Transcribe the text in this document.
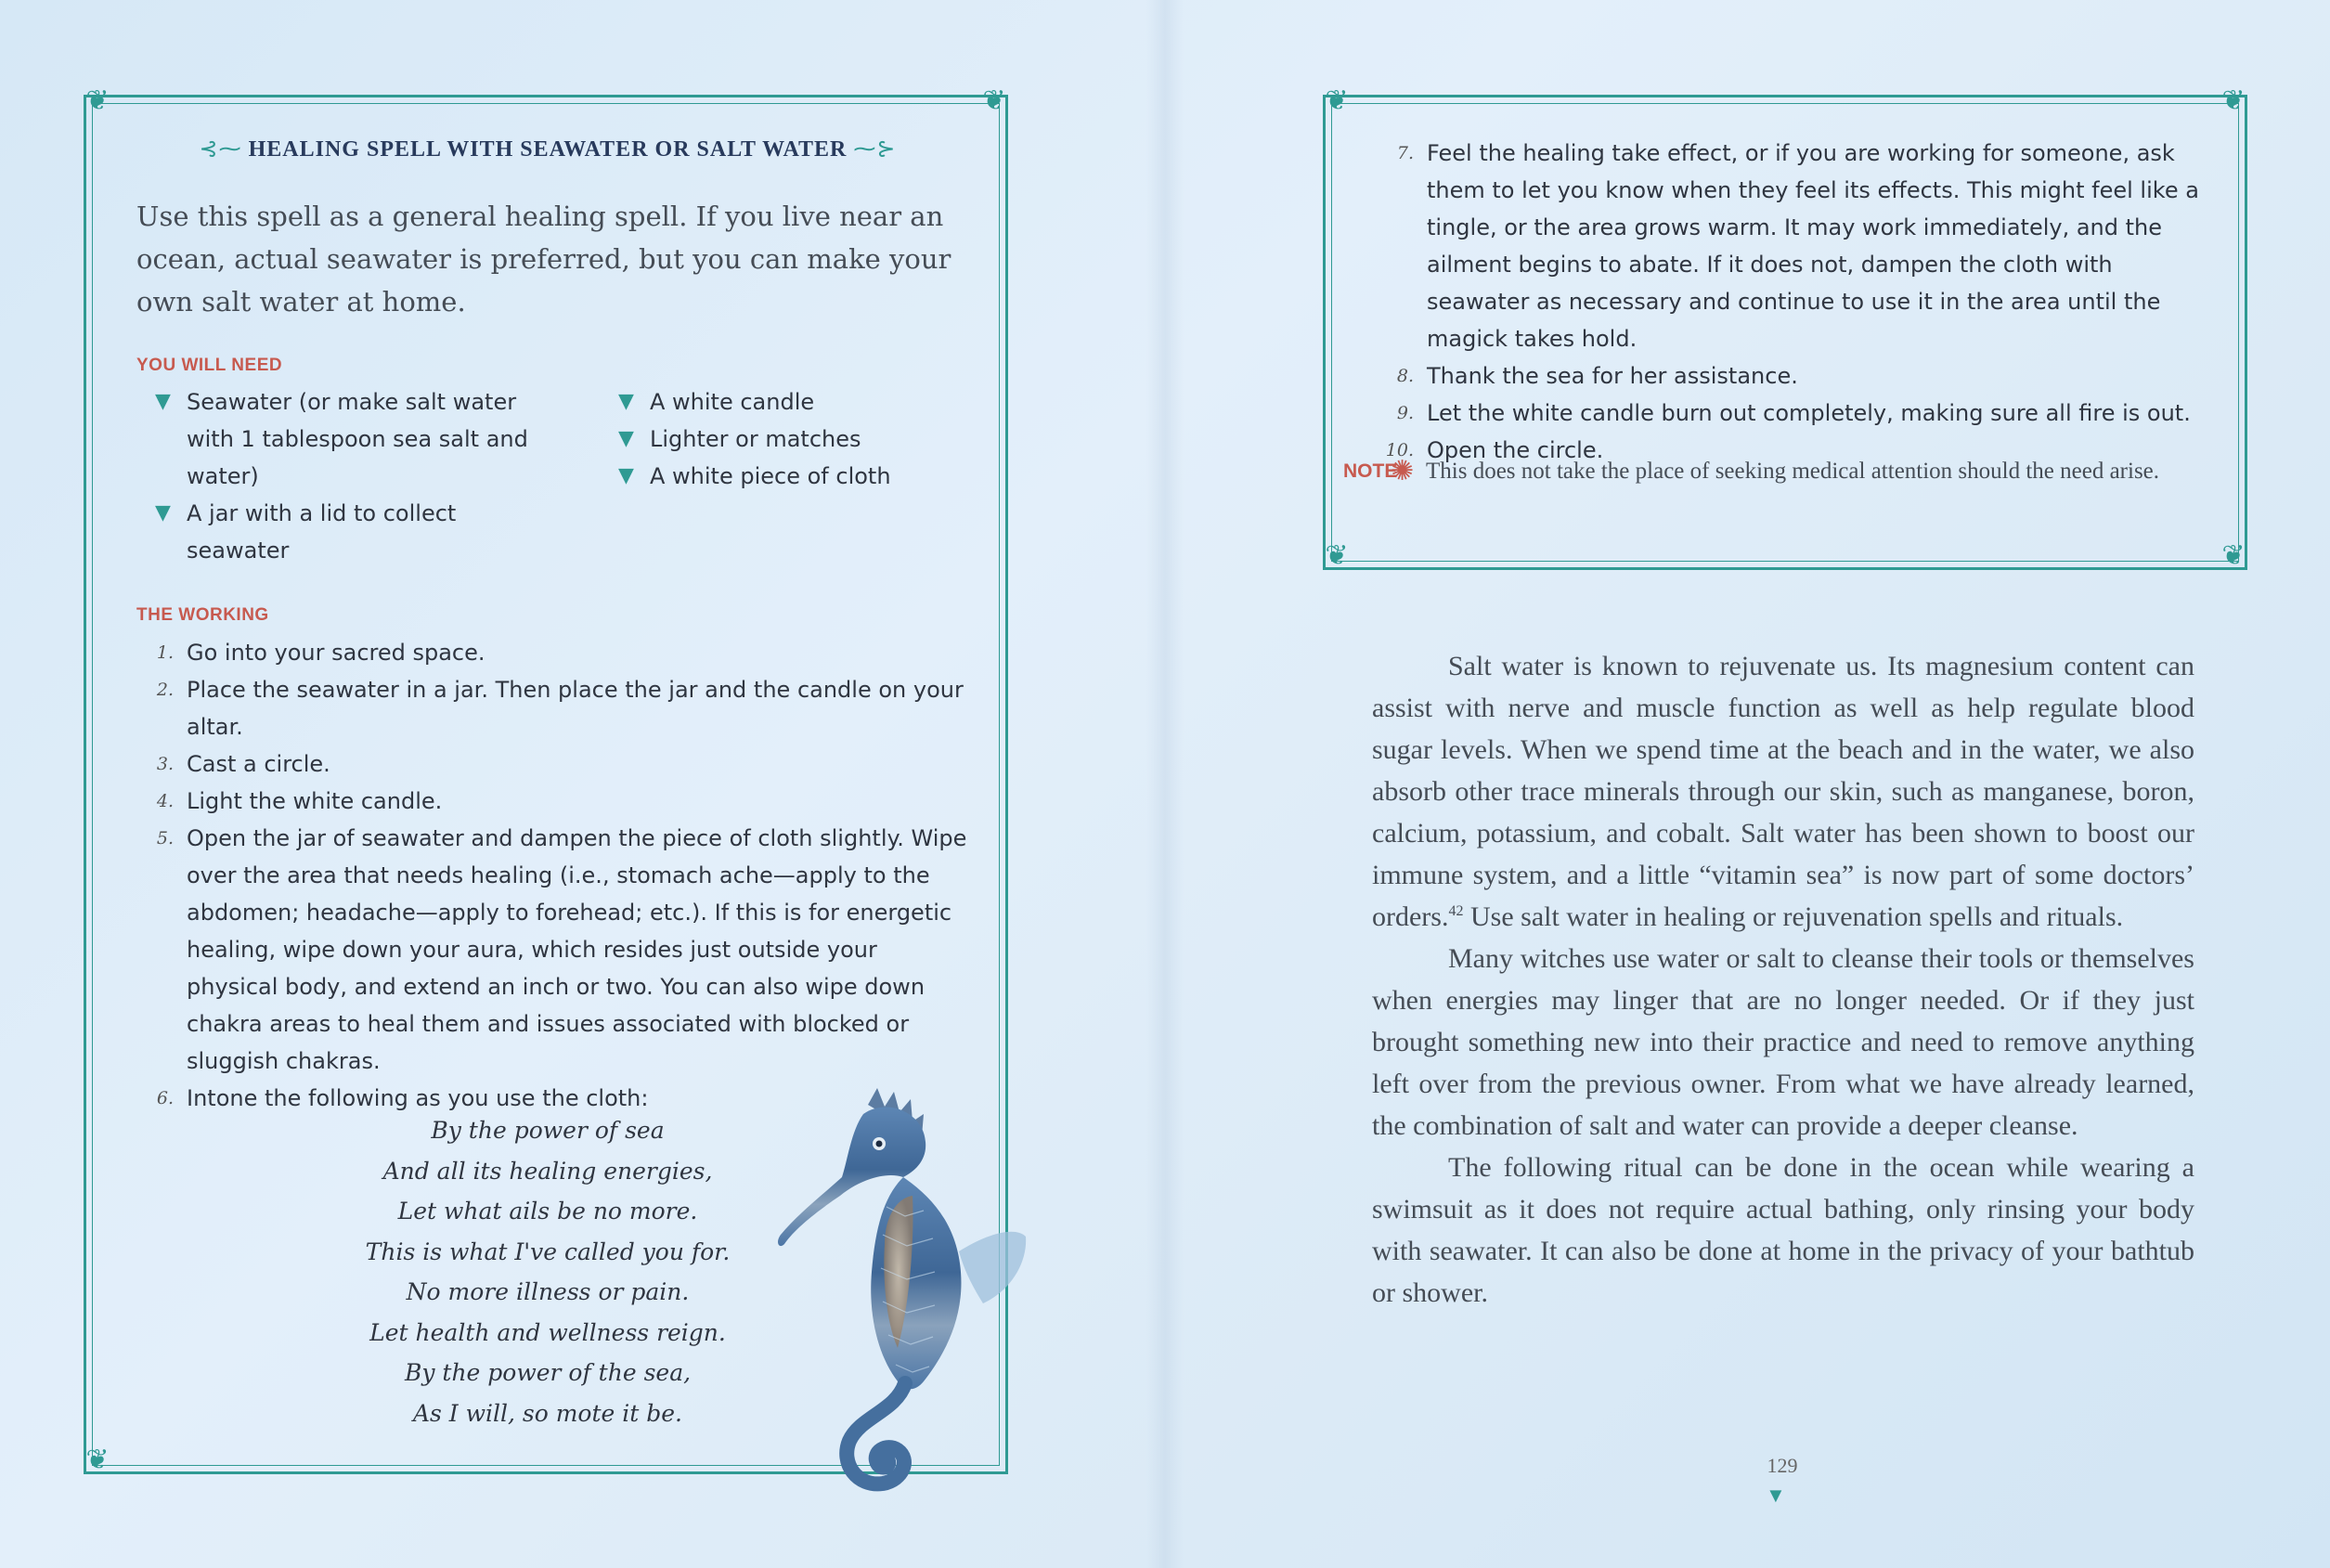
❦	❦
❦
⊰⁓ HEALING SPELL WITH SEAWATER OR SALT WATER ⁓⊱
Use this spell as a general healing spell. If you live near an ocean, actual seawater is preferred, but you can make your own salt water at home.
YOU WILL NEED
▼ Seawater (or make salt water with 1 tablespoon sea salt and water)
▼ A jar with a lid to collect seawater
▼ A white candle
▼ Lighter or matches
▼ A white piece of cloth
THE WORKING
1. Go into your sacred space.
2. Place the seawater in a jar. Then place the jar and the candle on your altar.
3. Cast a circle.
4. Light the white candle.
5. Open the jar of seawater and dampen the piece of cloth slightly. Wipe over the area that needs healing (i.e., stomach ache—apply to the abdomen; headache—apply to forehead; etc.). If this is for energetic healing, wipe down your aura, which resides just outside your physical body, and extend an inch or two. You can also wipe down chakra areas to heal them and issues associated with blocked or sluggish chakras.
6. Intone the following as you use the cloth:
By the power of sea
And all its healing energies,
Let what ails be no more.
This is what I've called you for.
No more illness or pain.
Let health and wellness reign.
By the power of the sea,
As I will, so mote it be.
❦	❦
❦	❦
7. Feel the healing take effect, or if you are working for someone, ask them to let you know when they feel its effects. This might feel like a tingle, or the area grows warm. It may work immediately, and the ailment begins to abate. If it does not, dampen the cloth with seawater as necessary and continue to use it in the area until the magick takes hold.
8. Thank the sea for her assistance.
9. Let the white candle burn out completely, making sure all fire is out.
10. Open the circle.
NOTE
✺ This does not take the place of seeking medical attention should the need arise.

Salt water is known to rejuvenate us. Its magnesium content can assist with nerve and muscle function as well as help regulate blood sugar levels. When we spend time at the beach and in the water, we also absorb other trace minerals through our skin, such as manganese, boron, calcium, potassium, and cobalt. Salt water has been shown to boost our immune system, and a little “vitamin sea” is now part of some doctors’ orders.$^{42}$ Use salt water in healing or rejuvenation spells and rituals.

Many witches use water or salt to cleanse their tools or themselves when energies may linger that are no longer needed. Or if they just brought something new into their practice and need to remove anything left over from the previous owner. From what we have already learned, the combination of salt and water can provide a deeper cleanse.

The following ritual can be done in the ocean while wearing a swimsuit as it does not require actual bathing, only rinsing your body with seawater. It can also be done at home in the privacy of your bathtub or shower.

129
▼
